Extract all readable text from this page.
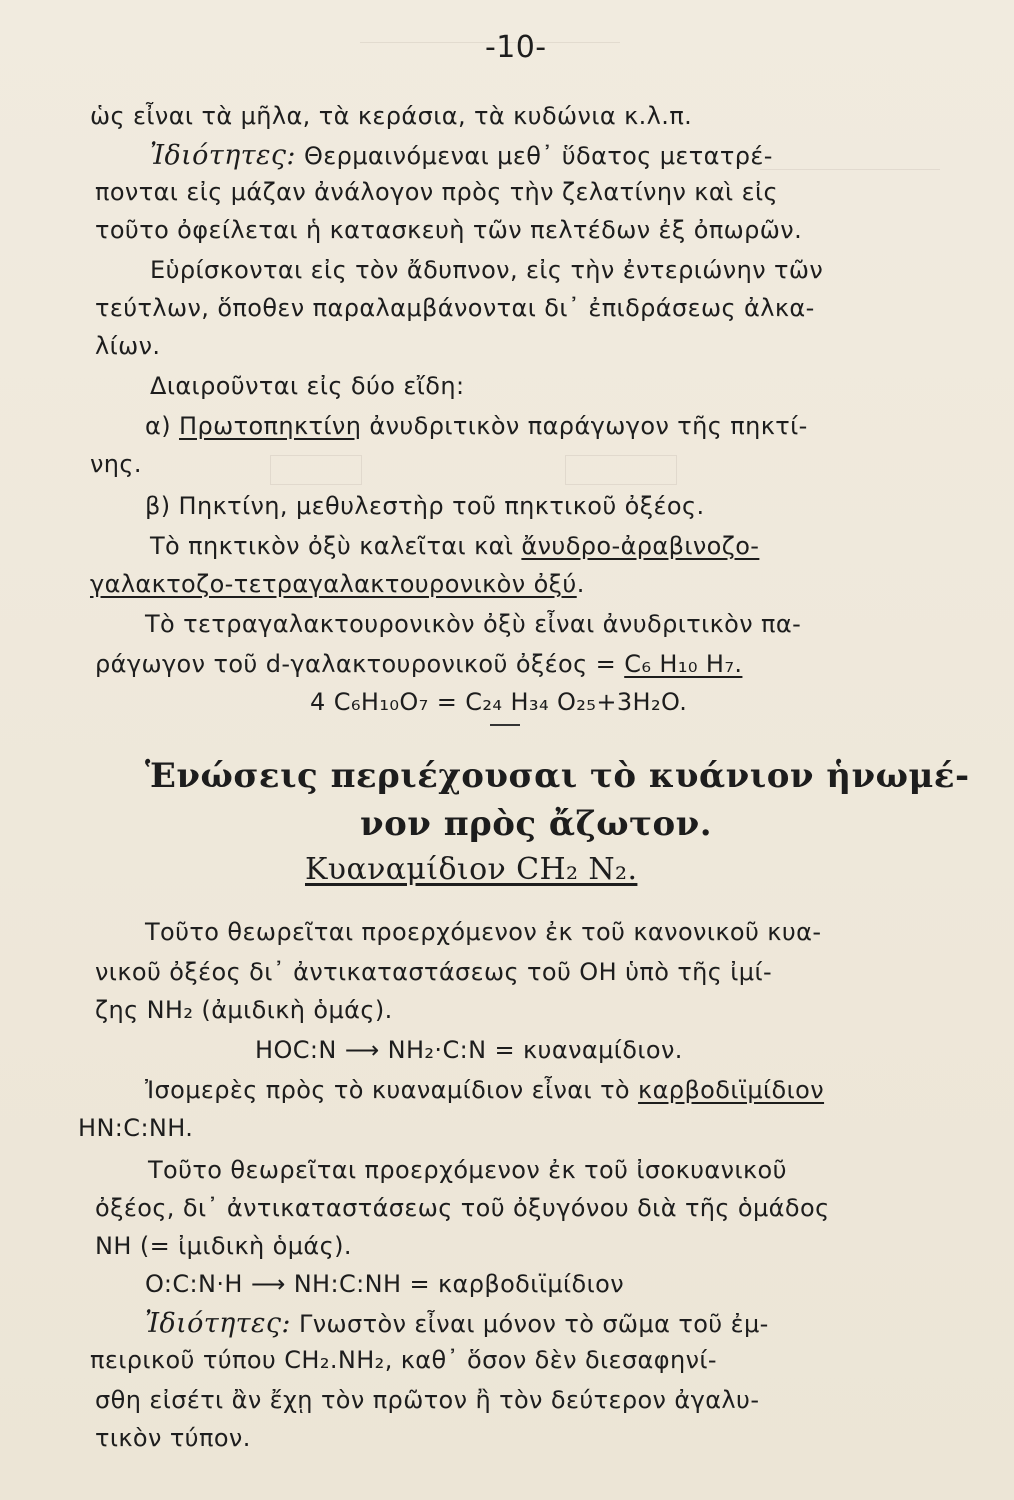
-10-
ὡς εἶναι τὰ μῆλα, τὰ κεράσια, τὰ κυδώνια κ.λ.π.
Ἰδιότητες: Θερμαινόμεναι μεθ᾽ ὕδατος μετατρέ-
πονται εἰς μάζαν ἀνάλογον πρὸς τὴν ζελατίνην καὶ εἰς
τοῦτο ὀφείλεται ἡ κατασκευὴ τῶν πελτέδων ἐξ ὀπωρῶν.
Εὑρίσκονται εἰς τὸν ἄδυπνον, εἰς τὴν ἐντεριώνην τῶν
τεύτλων, ὅποθεν παραλαμβάνονται δι᾽ ἐπιδράσεως ἀλκα-
λίων.
Διαιροῦνται εἰς δύο εἴδη:
α) Πρωτοπηκτίνη ἀνυδριτικὸν παράγωγον τῆς πηκτί-
νης.
β) Πηκτίνη, μεθυλεστὴρ τοῦ πηκτικοῦ ὀξέος.
Τὸ πηκτικὸν ὀξὺ καλεῖται καὶ ἄνυδρο-ἀραβινοζο-
γαλακτοζο-τετραγαλακτουρονικὸν ὀξύ.
Τὸ τετραγαλακτουρονικὸν ὀξὺ εἶναι ἀνυδριτικὸν πα-
ράγωγον τοῦ d-γαλακτουρονικοῦ ὀξέος = C₆ H₁₀ H₇.
4 C₆H₁₀O₇ = C₂₄ H₃₄ O₂₅+3H₂O.
Ἑνώσεις περιέχουσαι τὸ κυάνιον ἡνωμέ-
νον πρὸς ἄζωτον.
Κυαναμίδιον CH₂ N₂.
Τοῦτο θεωρεῖται προερχόμενον ἐκ τοῦ κανονικοῦ κυα-
νικοῦ ὀξέος δι᾽ ἀντικαταστάσεως τοῦ OH ὑπὸ τῆς ἰμί-
ζης NH₂ (ἀμιδικὴ ὁμάς).
HOC:N ⟶ NH₂·C:N = κυαναμίδιον.
Ἰσομερὲς πρὸς τὸ κυαναμίδιον εἶναι τὸ καρβοδιϊμίδιον
HN:C:NH.
Τοῦτο θεωρεῖται προερχόμενον ἐκ τοῦ ἰσοκυανικοῦ
ὀξέος, δι᾽ ἀντικαταστάσεως τοῦ ὀξυγόνου διὰ τῆς ὁμάδος
NH (= ἰμιδικὴ ὁμάς).
O:C:N·H ⟶ NH:C:NH = καρβοδιϊμίδιον
Ἰδιότητες: Γνωστὸν εἶναι μόνον τὸ σῶμα τοῦ ἐμ-
πειρικοῦ τύπου CH₂.NH₂, καθ᾽ ὅσον δὲν διεσαφηνί-
σθη εἰσέτι ἂν ἔχῃ τὸν πρῶτον ἢ τὸν δεύτερον ἀγαλυ-
τικὸν τύπον.
